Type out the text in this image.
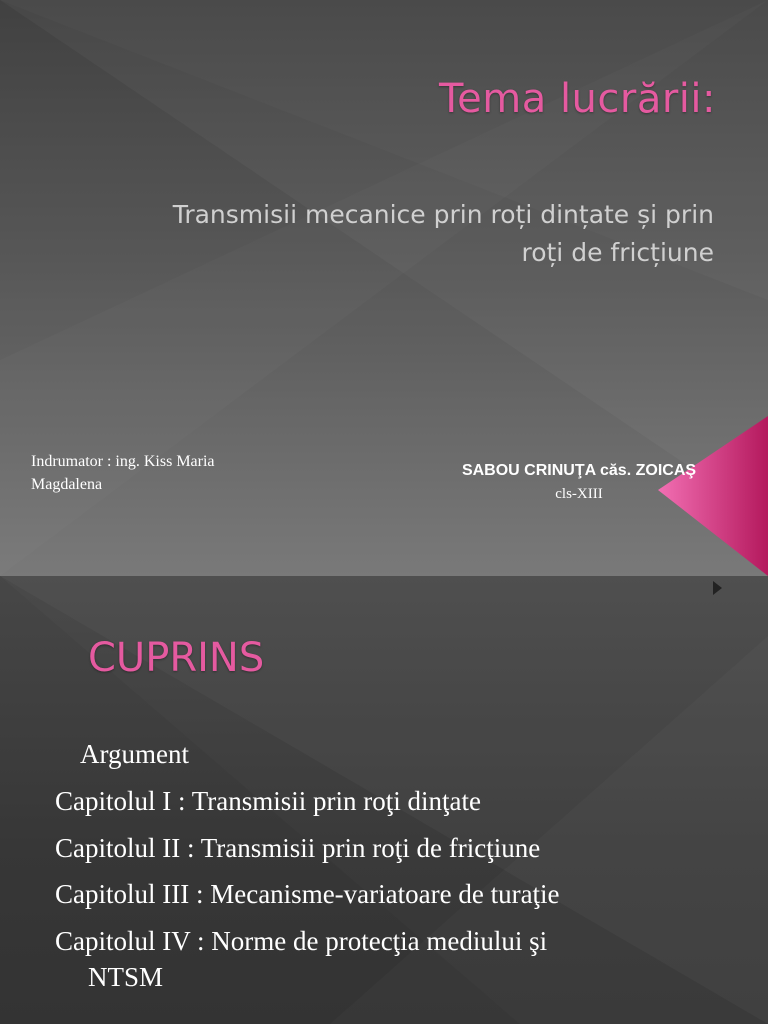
Tema lucrării:
Transmisii mecanice prin roți dințate și prin
roți de fricțiune
Indrumator : ing. Kiss Maria
Magdalena
SABOU CRINUŢA căs. ZOICAŞ
cls-XIII
CUPRINS
Argument
Capitolul I : Transmisii prin roţi dinţate
Capitolul II : Transmisii prin roţi de fricţiune
Capitolul III : Mecanisme-variatoare de turaţie
Capitolul IV : Norme de protecţia mediului şi
NTSM
